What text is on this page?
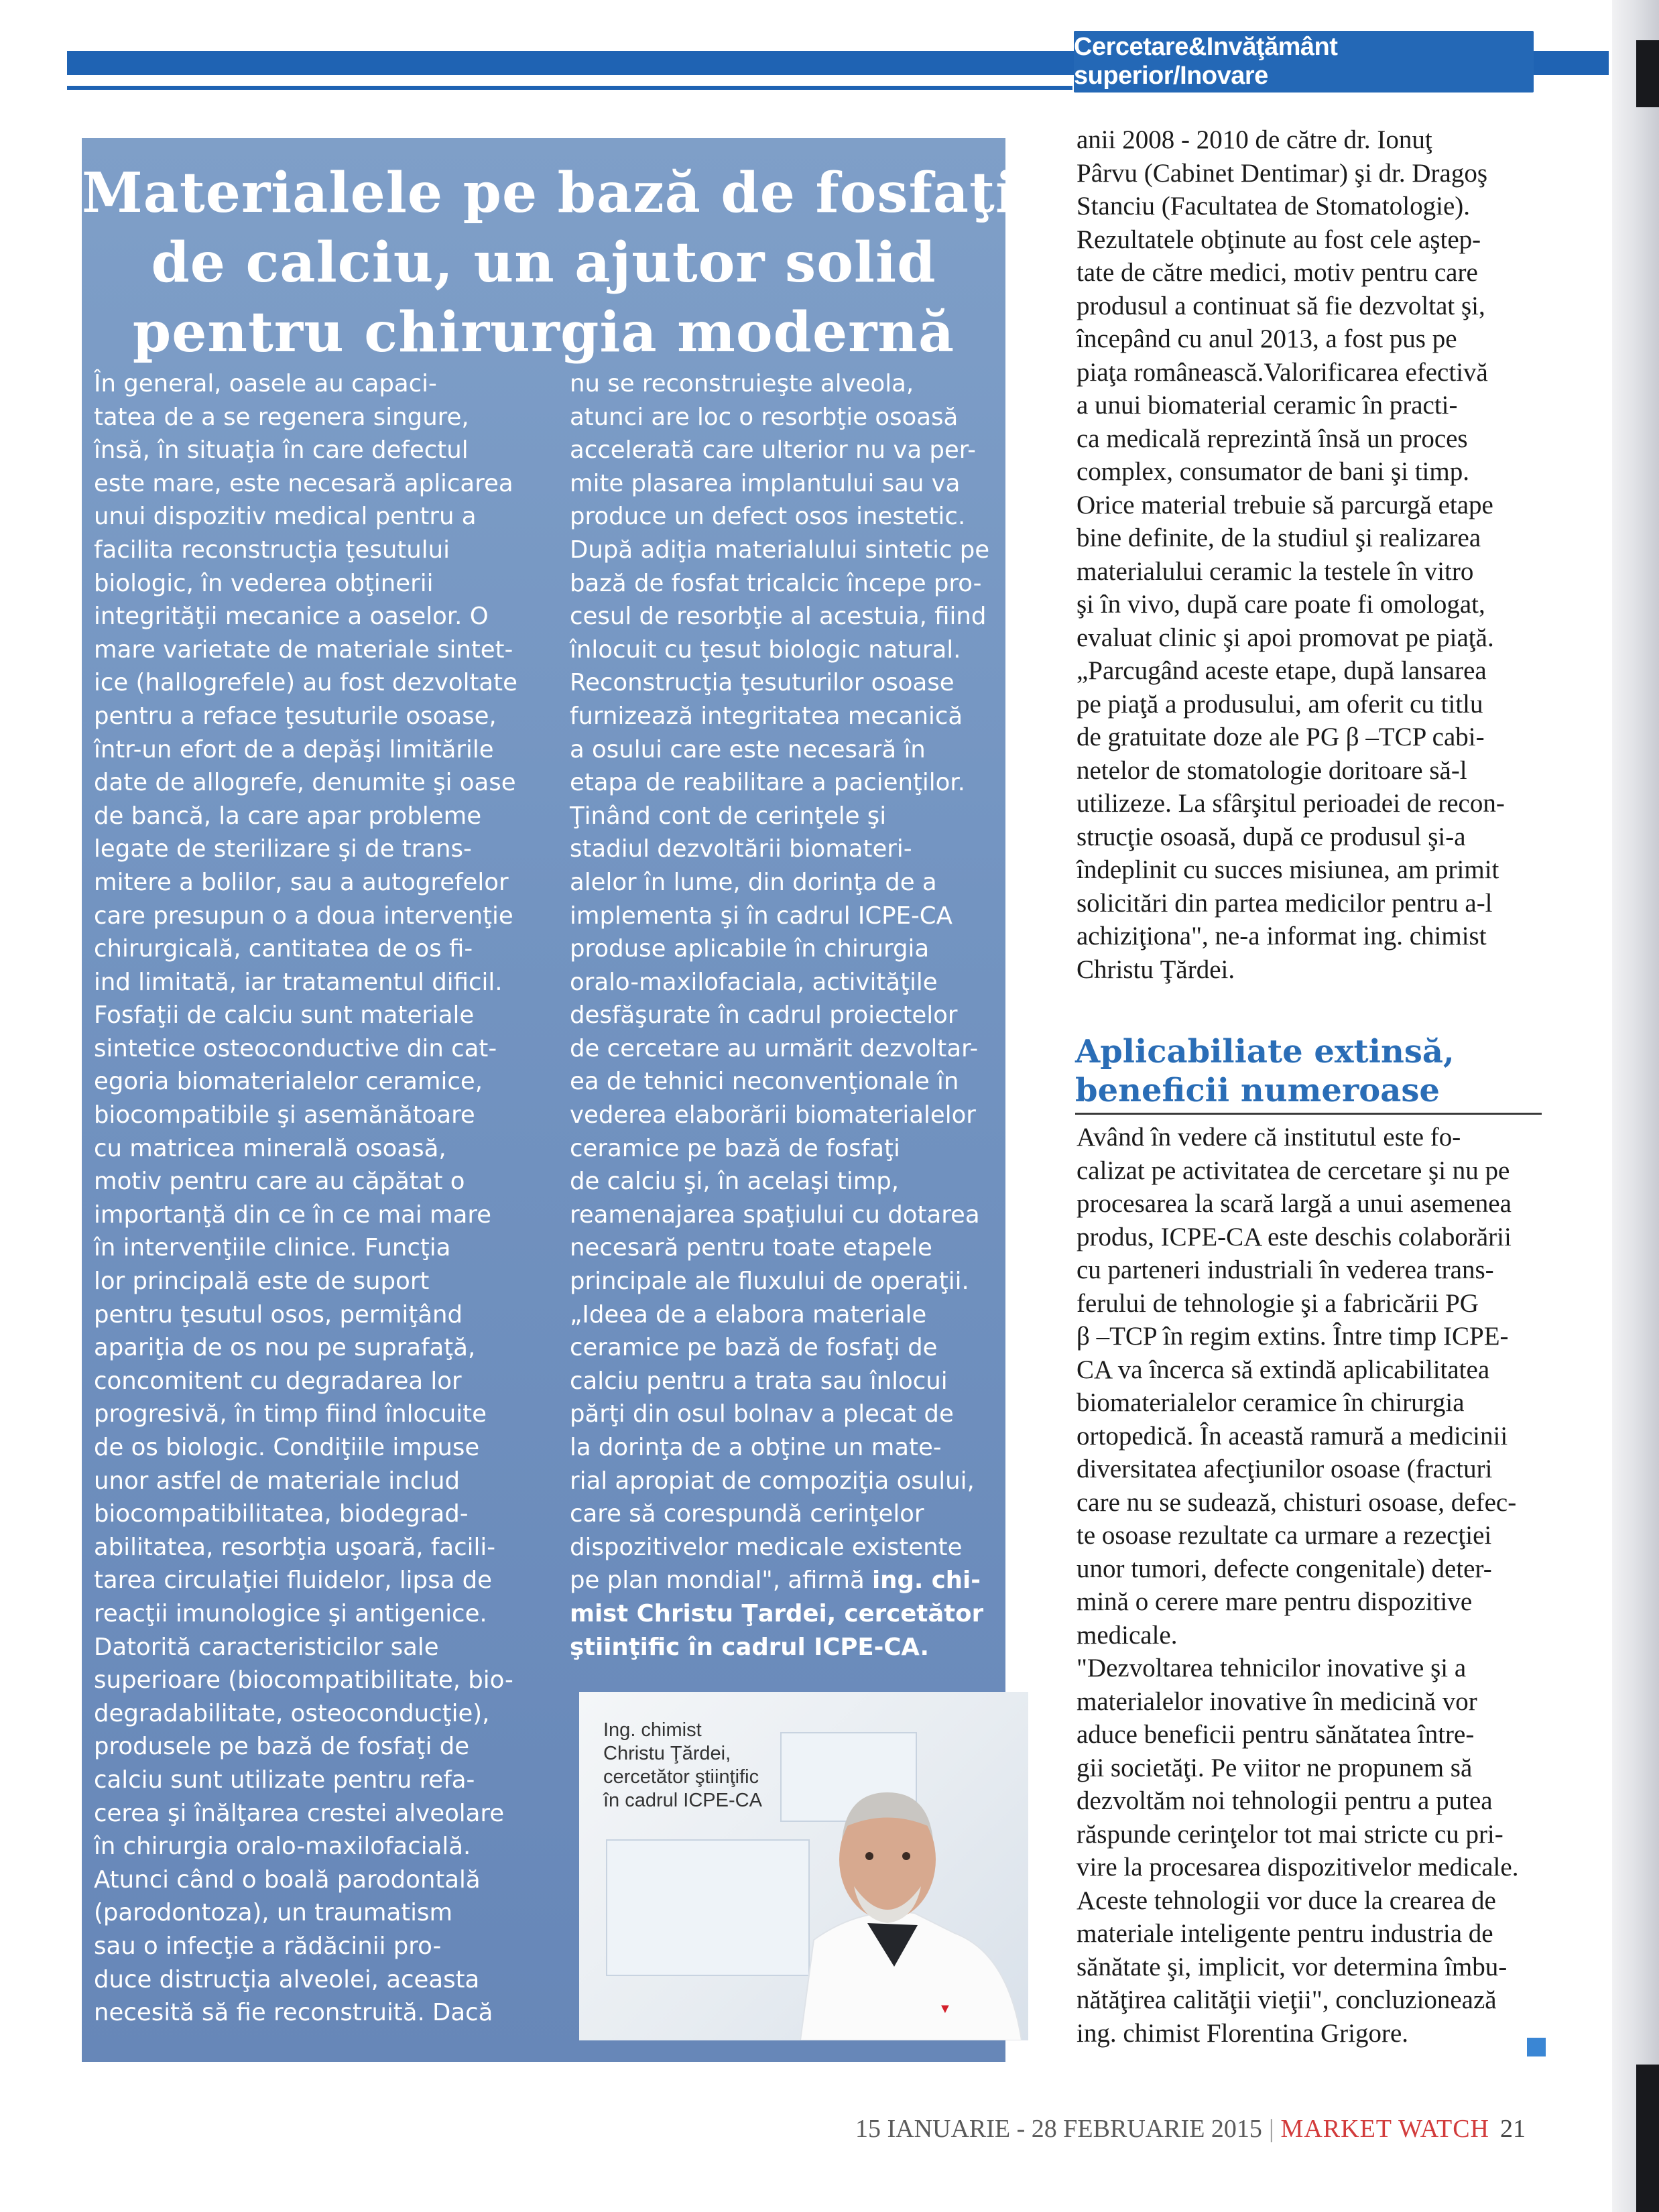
Cercetare&Invăţământ superior/Inovare
Materialele pe bază de fosfaţi
de calciu, un ajutor solid
pentru chirurgia modernă
În general, oasele au capaci-
tatea de a se regenera singure,
însă, în situaţia în care defectul
este mare, este necesară aplicarea
unui dispozitiv medical pentru a
facilita reconstrucţia ţesutului
biologic, în vederea obţinerii
integrităţii mecanice a oaselor. O
mare varietate de materiale sintet-
ice (hallogrefele) au fost dezvoltate
pentru a reface ţesuturile osoase,
într-un efort de a depăşi limitările
date de allogrefe, denumite şi oase
de bancă, la care apar probleme
legate de sterilizare şi de trans-
mitere a bolilor, sau a autogrefelor
care presupun o a doua intervenţie
chirurgicală, cantitatea de os fi-
ind limitată, iar tratamentul dificil.
Fosfaţii de calciu sunt materiale
sintetice osteoconductive din cat-
egoria biomaterialelor ceramice,
biocompatibile şi asemănătoare
cu matricea minerală osoasă,
motiv pentru care au căpătat o
importanţă din ce în ce mai mare
în intervenţiile clinice. Funcţia
lor principală este de suport
pentru ţesutul osos, permiţând
apariţia de os nou pe suprafaţă,
concomitent cu degradarea lor
progresivă, în timp fiind înlocuite
de os biologic. Condiţiile impuse
unor astfel de materiale includ
biocompatibilitatea, biodegrad-
abilitatea, resorbţia uşoară, facili-
tarea circulaţiei fluidelor, lipsa de
reacţii imunologice şi antigenice.
Datorită caracteristicilor sale
superioare (biocompatibilitate, bio-
degradabilitate, osteoconducţie),
produsele pe bază de fosfaţi de
calciu sunt utilizate pentru refa-
cerea şi înălţarea crestei alveolare
în chirurgia oralo-maxilofacială.
Atunci când o boală parodontală
(parodontoza), un traumatism
sau o infecţie a rădăcinii pro-
duce distrucţia alveolei, aceasta
necesită să fie reconstruită. Dacă
nu se reconstruieşte alveola,
atunci are loc o resorbţie osoasă
accelerată care ulterior nu va per-
mite plasarea implantului sau va
produce un defect osos inestetic.
După adiţia materialului sintetic pe
bază de fosfat tricalcic începe pro-
cesul de resorbţie al acestuia, fiind
înlocuit cu ţesut biologic natural.
Reconstrucţia ţesuturilor osoase
furnizează integritatea mecanică
a osului care este necesară în
etapa de reabilitare a pacienţilor.
Ţinând cont de cerinţele şi
stadiul dezvoltării biomateri-
alelor în lume, din dorinţa de a
implementa şi în cadrul ICPE-CA
produse aplicabile în chirurgia
oralo-maxilofaciala, activităţile
desfăşurate în cadrul proiectelor
de cercetare au urmărit dezvoltar-
ea de tehnici neconvenţionale în
vederea elaborării biomaterialelor
ceramice pe bază de fosfaţi
de calciu şi, în acelaşi timp,
reamenajarea spaţiului cu dotarea
necesară pentru toate etapele
principale ale fluxului de operaţii.
„Ideea de a elabora materiale
ceramice pe bază de fosfaţi de
calciu pentru a trata sau înlocui
părţi din osul bolnav a plecat de
la dorinţa de a obţine un mate-
rial apropiat de compoziţia osului,
care să corespundă cerinţelor
dispozitivelor medicale existente
pe plan mondial", afirmă ing. chi-
mist Christu Ţardei, cercetător
ştiinţific în cadrul ICPE-CA.
Ing. chimist
Christu Ţărdei,
cercetător ştiinţific
în cadrul ICPE-CA
▼
anii 2008 - 2010 de către dr. Ionuţ
Pârvu (Cabinet Dentimar) şi dr. Dragoş
Stanciu (Facultatea de Stomatologie).
Rezultatele obţinute au fost cele aştep-
tate de către medici, motiv pentru care
produsul a continuat să fie dezvoltat şi,
începând cu anul 2013, a fost pus pe
piaţa românească.Valorificarea efectivă
a unui biomaterial ceramic în practi-
ca medicală reprezintă însă un proces
complex, consumator de bani şi timp.
Orice material trebuie să parcurgă etape
bine definite, de la studiul şi realizarea
materialului ceramic la testele în vitro
şi în vivo, după care poate fi omologat,
evaluat clinic şi apoi promovat pe piaţă.
„Parcugând aceste etape, după lansarea
pe piaţă a produsului, am oferit cu titlu
de gratuitate doze ale PG β –TCP cabi-
netelor de stomatologie doritoare să-l
utilizeze. La sfârşitul perioadei de recon-
strucţie osoasă, după ce produsul şi-a
îndeplinit cu succes misiunea, am primit
solicitări din partea medicilor pentru a-l
achiziţiona", ne-a informat ing. chimist
Christu Ţărdei.
Aplicabiliate extinsă,
beneficii numeroase
Având în vedere că institutul este fo-
calizat pe activitatea de cercetare şi nu pe
procesarea la scară largă a unui asemenea
produs, ICPE-CA este deschis colaborării
cu parteneri industriali în vederea trans-
ferului de tehnologie şi a fabricării PG
β –TCP în regim extins. Între timp ICPE-
CA va încerca să extindă aplicabilitatea
biomaterialelor ceramice în chirurgia
ortopedică. În această ramură a medicinii
diversitatea afecţiunilor osoase (fracturi
care nu se sudează, chisturi osoase, defec-
te osoase rezultate ca urmare a rezecţiei
unor tumori, defecte congenitale) deter-
mină o cerere mare pentru dispozitive
medicale.
"Dezvoltarea tehnicilor inovative şi a
materialelor inovative în medicină vor
aduce beneficii pentru sănătatea între-
gii societăţi. Pe viitor ne propunem să
dezvoltăm noi tehnologii pentru a putea
răspunde cerinţelor tot mai stricte cu pri-
vire la procesarea dispozitivelor medicale.
Aceste tehnologii vor duce la crearea de
materiale inteligente pentru industria de
sănătate şi, implicit, vor determina îmbu-
nătăţirea calităţii vieţii", concluzionează
ing. chimist Florentina Grigore.
15 IANUARIE - 28 FEBRUARIE 2015 | MARKET WATCH 21
